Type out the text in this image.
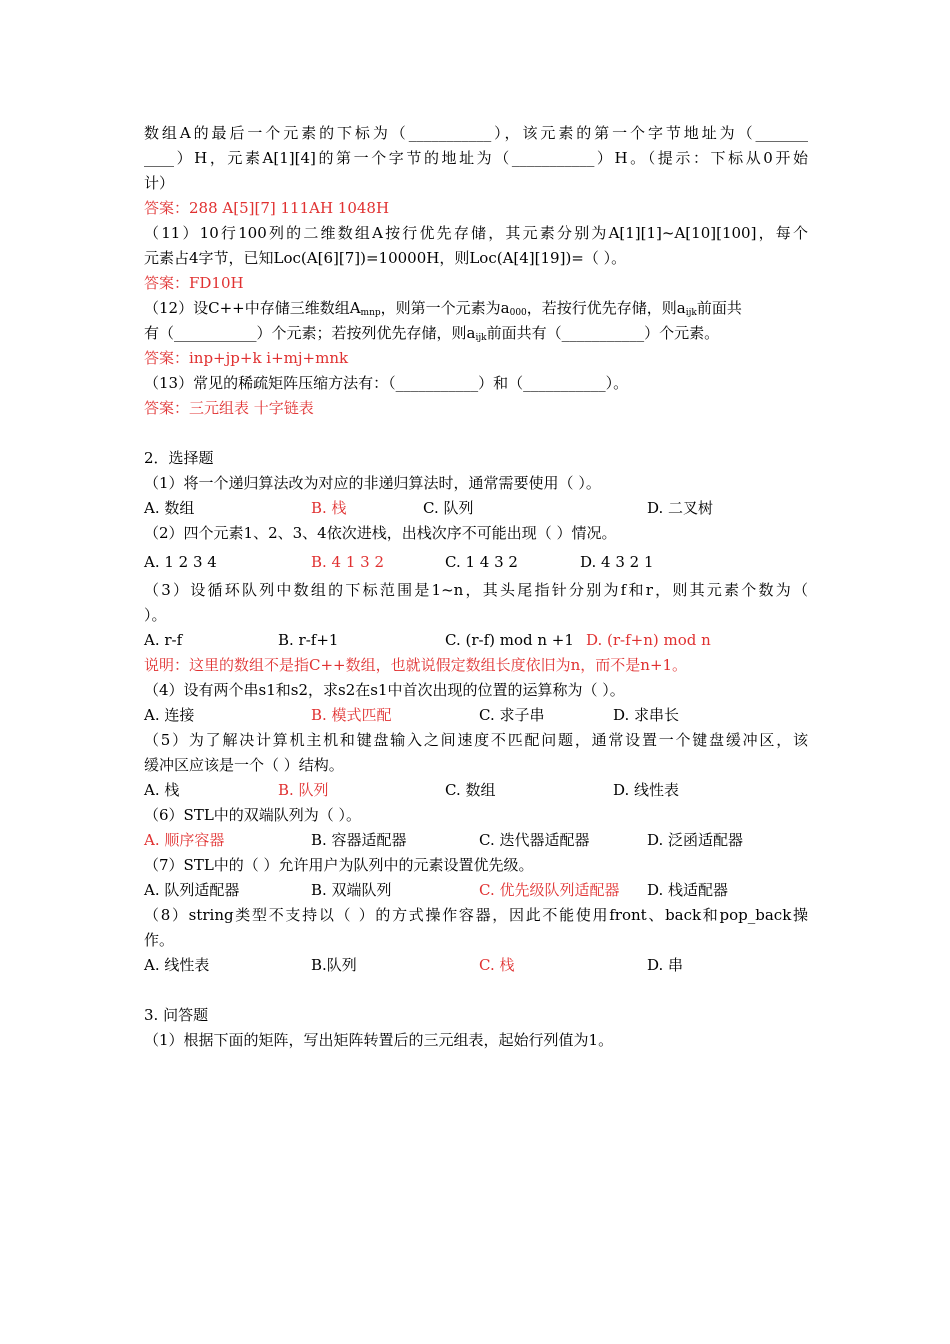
数组A的最后一个元素的下标为（___________），该元素的第一个字节地址为（_______
____）H，元素A[1][4]的第一个字节的地址为（___________）H。（提示：下标从0开始
计）
答案：288 A[5][7] 111AH 1048H
（11）10行100列的二维数组A按行优先存储，其元素分别为A[1][1]~A[10][100]，每个
元素占4字节，已知Loc(A[6][7])=10000H，则Loc(A[4][19])=（ ）。
答案：FD10H
（12）设C++中存储三维数组$A_{mnp}$，则第一个元素为$a_{000}$，若按行优先存储，则$a_{ijk}$前面共
有（___________）个元素；若按列优先存储，则$a_{ijk}$前面共有（___________）个元素。
答案：inp+jp+k i+mj+mnk
（13）常见的稀疏矩阵压缩方法有：（___________）和（___________）。
答案：三元组表 十字链表
2．选择题
（1）将一个递归算法改为对应的非递归算法时，通常需要使用（ ）。
A. 数组	B. 栈	C. 队列	D. 二叉树
（2）四个元素1、2、3、4依次进栈，出栈次序不可能出现（ ）情况。
A. 1 2 3 4	B. 4 1 3 2	C. 1 4 3 2	D. 4 3 2 1
（3）设循环队列中数组的下标范围是1~n，其头尾指针分别为f和r，则其元素个数为（
）。
A. r-f	B. r-f+1	C. (r-f) mod n +1 D. (r-f+n) mod n
说明：这里的数组不是指C++数组，也就说假定数组长度依旧为n，而不是n+1。
（4）设有两个串s1和s2，求s2在s1中首次出现的位置的运算称为（ ）。
A. 连接	B. 模式匹配	C. 求子串	D. 求串长
（5）为了解决计算机主机和键盘输入之间速度不匹配问题，通常设置一个键盘缓冲区，该
缓冲区应该是一个（ ）结构。
A. 栈	B. 队列	C. 数组	D. 线性表
（6）STL中的双端队列为（ ）。
A. 顺序容器	B. 容器适配器	C. 迭代器适配器	D. 泛函适配器
（7）STL中的（ ）允许用户为队列中的元素设置优先级。
A. 队列适配器	B. 双端队列	C. 优先级队列适配器 D. 栈适配器
（8）string类型不支持以（ ）的方式操作容器，因此不能使用front、back和pop_back操
作。
A. 线性表	B.队列	C. 栈	D. 串
3. 问答题
（1）根据下面的矩阵，写出矩阵转置后的三元组表，起始行列值为1。
